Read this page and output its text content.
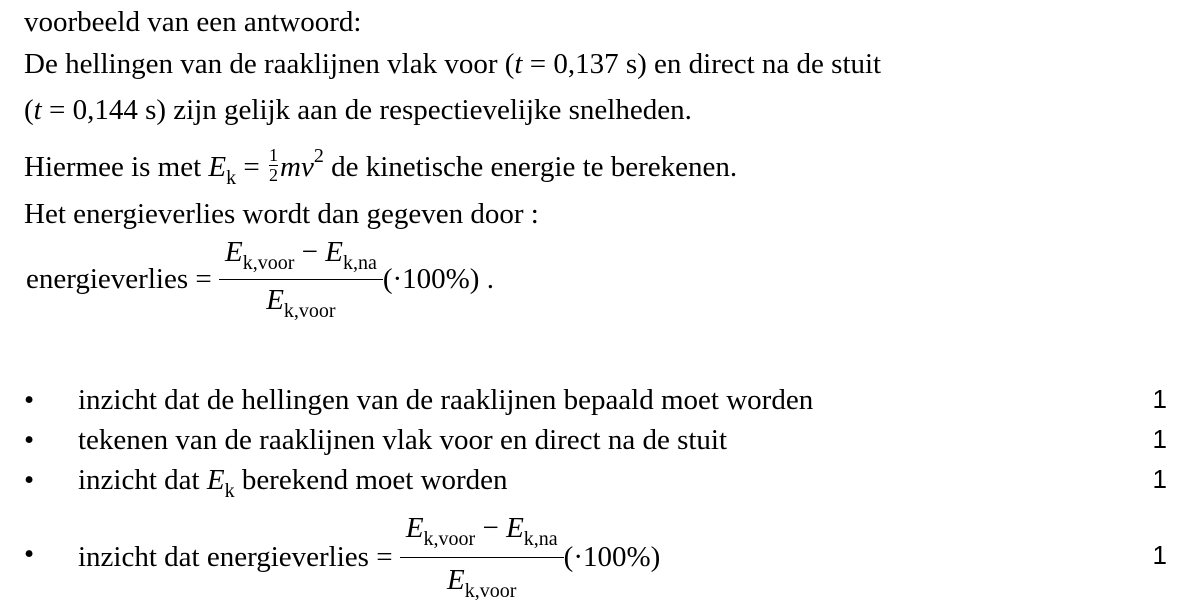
voorbeeld van een antwoord:
De hellingen van de raaklijnen vlak voor (t = 0,137 s) en direct na de stuit
(t = 0,144 s) zijn gelijk aan de respectievelijke snelheden.
Hiermee is met $E_k = \frac{1}{2}mv^2$ de kinetische energie te berekenen.
Het energieverlies wordt dan gegeven door :
energieverlies = $\frac{E_{k,voor} - E_{k,na}}{E_{k,voor}} (\cdot 100\%)$ .
• inzicht dat de hellingen van de raaklijnen bepaald moet worden	1
• tekenen van de raaklijnen vlak voor en direct na de stuit	1
• inzicht dat $E_k$ berekend moet worden	1
• inzicht dat energieverlies = $\frac{E_{k,voor} - E_{k,na}}{E_{k,voor}} (\cdot 100\%)$	1
